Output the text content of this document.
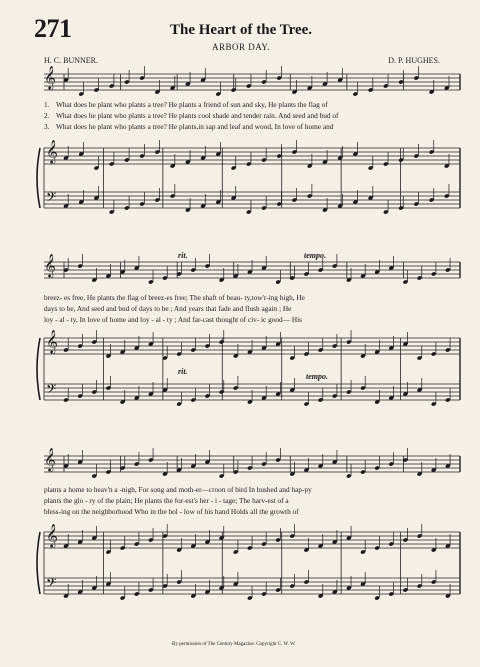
𝄞
𝄞
𝄢
𝄞
𝄞
𝄢
𝄞
𝄞
𝄢
271	The Heart of the Tree.
ARBOR DAY.
H. C. BUNNER.	D. P. HUGHES.
1. What does he plant who plants a tree? He plants a friend of sun and sky, He plants the flag of
2. What does he plant who plants a tree? He plants cool shade and tender rain. And seed and bud of
3. What does he plant who plants a tree? He plants,in sap and leaf and wood, In love of home and
rit.	tempo.
rit.
tempo.
breez- es free, He plants the flag of breez-es free; The shaft of beau- ty,tow'r-ing high, He
days to be, And seed and bud of days to be ; And years that fade and flush again ; He
loy - al - ty, In love of home and loy - al - ty ; And far-cast thought of civ- ic good— His
plants a home to heav'n a -nigh, For song and moth-er—croon of bird In hushed and hap-py
plants the glo - ry of the plain; He plants the for-est's her - i - tage; The harv-est of a
bless-ing on the neighborhood Who in the hol - low of his hand Holds all the growth of
By permission of The Century Magazine. Copyright C. W. W.
